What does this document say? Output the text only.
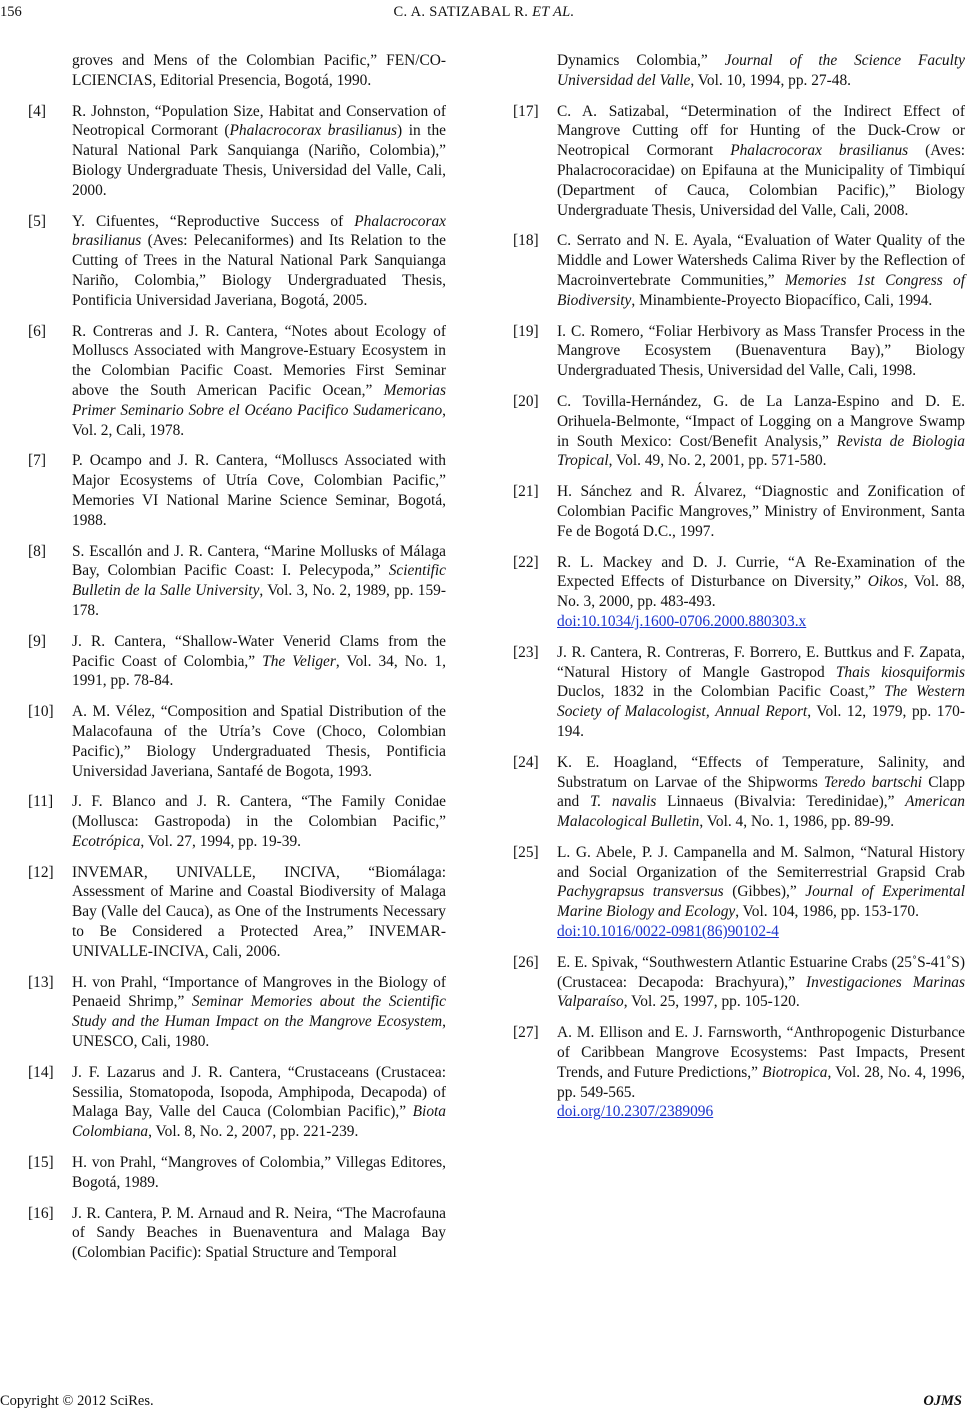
156	C. A. SATIZABAL R. ET AL.
groves and Mens of the Colombian Pacific,” FEN/CO-LCIENCIAS, Editorial Presencia, Bogotá, 1990.
[4]	R. Johnston, “Population Size, Habitat and Conservation of Neotropical Cormorant (Phalacrocorax brasilianus) in the Natural National Park Sanquianga (Nariño, Colombia),” Biology Undergraduate Thesis, Universidad del Valle, Cali, 2000.
[5]	Y. Cifuentes, “Reproductive Success of Phalacrocorax brasilianus (Aves: Pelecaniformes) and Its Relation to the Cutting of Trees in the Natural National Park Sanquianga Nariño, Colombia,” Biology Undergraduated Thesis, Pontificia Universidad Javeriana, Bogotá, 2005.
[6]	R. Contreras and J. R. Cantera, “Notes about Ecology of Molluscs Associated with Mangrove-Estuary Ecosystem in the Colombian Pacific Coast. Memories First Seminar above the South American Pacific Ocean,” Memorias Primer Seminario Sobre el Océano Pacifico Sudamericano, Vol. 2, Cali, 1978.
[7]	P. Ocampo and J. R. Cantera, “Molluscs Associated with Major Ecosystems of Utría Cove, Colombian Pacific,” Memories VI National Marine Science Seminar, Bogotá, 1988.
[8]	S. Escallón and J. R. Cantera, “Marine Mollusks of Málaga Bay, Colombian Pacific Coast: I. Pelecypoda,” Scientific Bulletin de la Salle University, Vol. 3, No. 2, 1989, pp. 159-178.
[9]	J. R. Cantera, “Shallow-Water Venerid Clams from the Pacific Coast of Colombia,” The Veliger, Vol. 34, No. 1, 1991, pp. 78-84.
[10]	A. M. Vélez, “Composition and Spatial Distribution of the Malacofauna of the Utría’s Cove (Choco, Colombian Pacific),” Biology Undergraduated Thesis, Pontificia Universidad Javeriana, Santafé de Bogota, 1993.
[11]	J. F. Blanco and J. R. Cantera, “The Family Conidae (Mollusca: Gastropoda) in the Colombian Pacific,” Ecotrópica, Vol. 27, 1994, pp. 19-39.
[12]	INVEMAR, UNIVALLE, INCIVA, “Biomálaga: Assessment of Marine and Coastal Biodiversity of Malaga Bay (Valle del Cauca), as One of the Instruments Necessary to Be Considered a Protected Area,” INVEMAR-UNIVALLE-INCIVA, Cali, 2006.
[13]	H. von Prahl, “Importance of Mangroves in the Biology of Penaeid Shrimp,” Seminar Memories about the Scientific Study and the Human Impact on the Mangrove Ecosystem, UNESCO, Cali, 1980.
[14]	J. F. Lazarus and J. R. Cantera, “Crustaceans (Crustacea: Sessilia, Stomatopoda, Isopoda, Amphipoda, Decapoda) of Malaga Bay, Valle del Cauca (Colombian Pacific),” Biota Colombiana, Vol. 8, No. 2, 2007, pp. 221-239.
[15]	H. von Prahl, “Mangroves of Colombia,” Villegas Editores, Bogotá, 1989.
[16]	J. R. Cantera, P. M. Arnaud and R. Neira, “The Macrofauna of Sandy Beaches in Buenaventura and Malaga Bay (Colombian Pacific): Spatial Structure and Temporal
Dynamics Colombia,” Journal of the Science Faculty Universidad del Valle, Vol. 10, 1994, pp. 27-48.
[17]	C. A. Satizabal, “Determination of the Indirect Effect of Mangrove Cutting off for Hunting of the Duck-Crow or Neotropical Cormorant Phalacrocorax brasilianus (Aves: Phalacrocoracidae) on Epifauna at the Municipality of Timbiquí (Department of Cauca, Colombian Pacific),” Biology Undergraduate Thesis, Universidad del Valle, Cali, 2008.
[18]	C. Serrato and N. E. Ayala, “Evaluation of Water Quality of the Middle and Lower Watersheds Calima River by the Reflection of Macroinvertebrate Communities,” Memories 1st Congress of Biodiversity, Minambiente-Proyecto Biopacífico, Cali, 1994.
[19]	I. C. Romero, “Foliar Herbivory as Mass Transfer Process in the Mangrove Ecosystem (Buenaventura Bay),” Biology Undergraduated Thesis, Universidad del Valle, Cali, 1998.
[20]	C. Tovilla-Hernández, G. de La Lanza-Espino and D. E. Orihuela-Belmonte, “Impact of Logging on a Mangrove Swamp in South Mexico: Cost/Benefit Analysis,” Revista de Biologia Tropical, Vol. 49, No. 2, 2001, pp. 571-580.
[21]	H. Sánchez and R. Álvarez, “Diagnostic and Zonification of Colombian Pacific Mangroves,” Ministry of Environment, Santa Fe de Bogotá D.C., 1997.
[22]	R. L. Mackey and D. J. Currie, “A Re-Examination of the Expected Effects of Disturbance on Diversity,” Oikos, Vol. 88, No. 3, 2000, pp. 483-493.
doi:10.1034/j.1600-0706.2000.880303.x
[23]	J. R. Cantera, R. Contreras, F. Borrero, E. Buttkus and F. Zapata, “Natural History of Mangle Gastropod Thais kiosquiformis Duclos, 1832 in the Colombian Pacific Coast,” The Western Society of Malacologist, Annual Report, Vol. 12, 1979, pp. 170-194.
[24]	K. E. Hoagland, “Effects of Temperature, Salinity, and Substratum on Larvae of the Shipworms Teredo bartschi Clapp and T. navalis Linnaeus (Bivalvia: Teredinidae),” American Malacological Bulletin, Vol. 4, No. 1, 1986, pp. 89-99.
[25]	L. G. Abele, P. J. Campanella and M. Salmon, “Natural History and Social Organization of the Semiterrestrial Grapsid Crab Pachygrapsus transversus (Gibbes),” Journal of Experimental Marine Biology and Ecology, Vol. 104, 1986, pp. 153-170.
doi:10.1016/0022-0981(86)90102-4
[26]	E. E. Spivak, “Southwestern Atlantic Estuarine Crabs (25˚S-41˚S) (Crustacea: Decapoda: Brachyura),” Investigaciones Marinas Valparaíso, Vol. 25, 1997, pp. 105-120.
[27]	A. M. Ellison and E. J. Farnsworth, “Anthropogenic Disturbance of Caribbean Mangrove Ecosystems: Past Impacts, Present Trends, and Future Predictions,” Biotropica, Vol. 28, No. 4, 1996, pp. 549-565.
doi.org/10.2307/2389096
Copyright © 2012 SciRes.	OJMS
